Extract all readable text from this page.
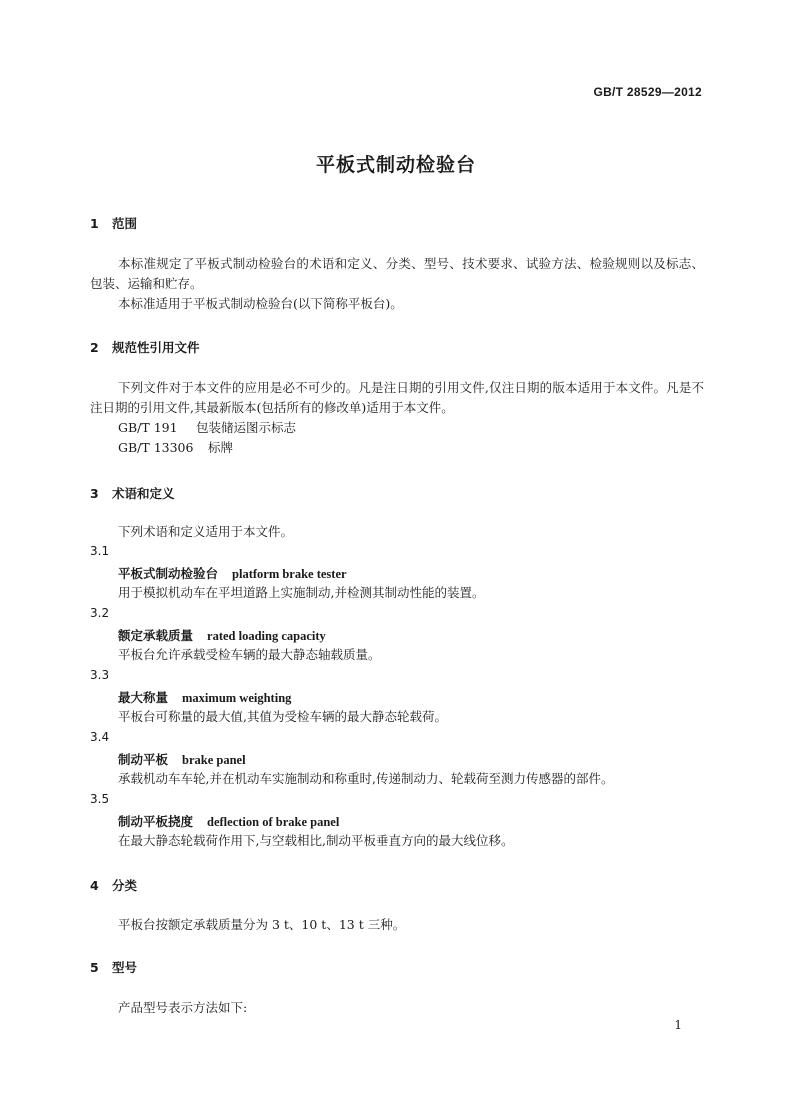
GB/T 28529—2012
平板式制动检验台
1 范围
本标准规定了平板式制动检验台的术语和定义、分类、型号、技术要求、试验方法、检验规则以及标志、包装、运输和贮存。
本标准适用于平板式制动检验台(以下简称平板台)。
2 规范性引用文件
下列文件对于本文件的应用是必不可少的。凡是注日期的引用文件,仅注日期的版本适用于本文件。凡是不注日期的引用文件,其最新版本(包括所有的修改单)适用于本文件。
GB/T 191 包装储运图示标志
GB/T 13306 标牌
3 术语和定义
下列术语和定义适用于本文件。
3.1
平板式制动检验台 platform brake tester
用于模拟机动车在平坦道路上实施制动,并检测其制动性能的装置。
3.2
额定承载质量 rated loading capacity
平板台允许承载受检车辆的最大静态轴载质量。
3.3
最大称量 maximum weighting
平板台可称量的最大值,其值为受检车辆的最大静态轮载荷。
3.4
制动平板 brake panel
承载机动车车轮,并在机动车实施制动和称重时,传递制动力、轮载荷至测力传感器的部件。
3.5
制动平板挠度 deflection of brake panel
在最大静态轮载荷作用下,与空载相比,制动平板垂直方向的最大线位移。
4 分类
平板台按额定承载质量分为 3 t、10 t、13 t 三种。
5 型号
产品型号表示方法如下:
1
